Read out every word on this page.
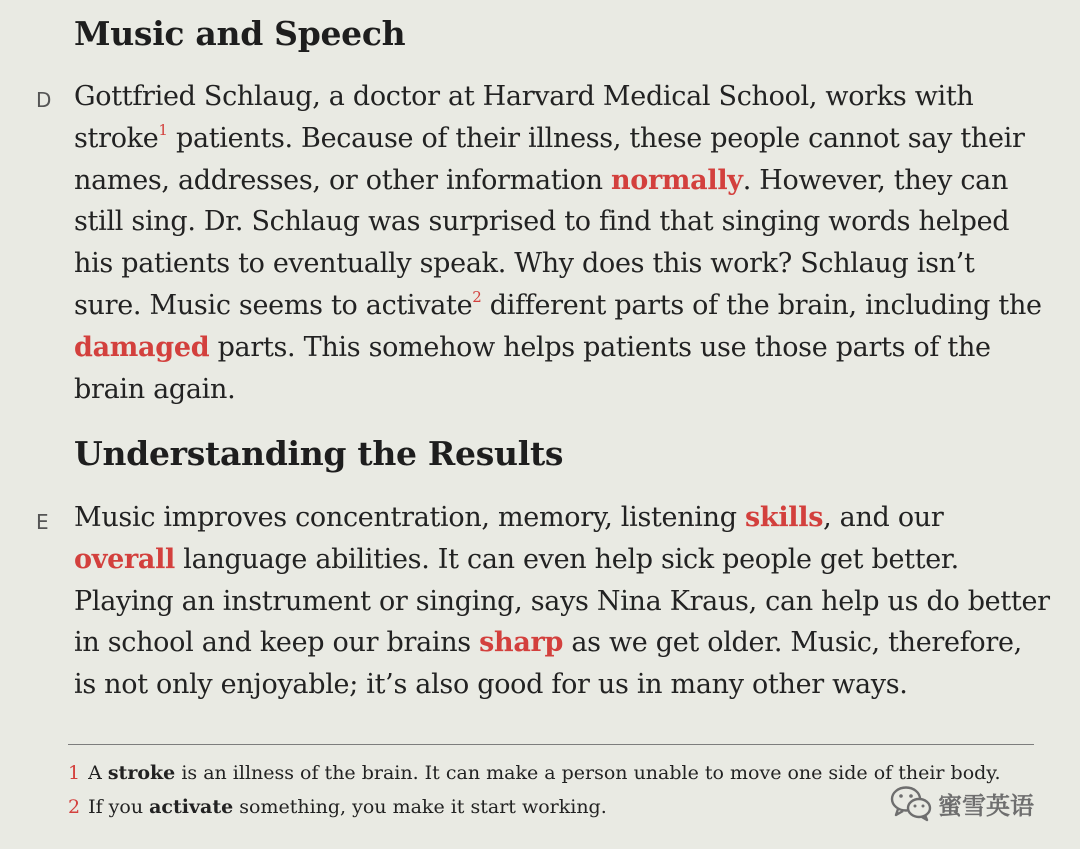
Music and Speech
D Gottfried Schlaug, a doctor at Harvard Medical School, works with
stroke$^1$ patients. Because of their illness, these people cannot say their
names, addresses, or other information normally. However, they can
still sing. Dr. Schlaug was surprised to find that singing words helped
his patients to eventually speak. Why does this work? Schlaug isn’t
sure. Music seems to activate$^2$ different parts of the brain, including the
damaged parts. This somehow helps patients use those parts of the
brain again.

Understanding the Results
E Music improves concentration, memory, listening skills, and our
overall language abilities. It can even help sick people get better.
Playing an instrument or singing, says Nina Kraus, can help us do better
in school and keep our brains sharp as we get older. Music, therefore,
is not only enjoyable; it’s also good for us in many other ways.

1 A stroke is an illness of the brain. It can make a person unable to move one side of their body.

2 If you activate something, you make it start working.	蜜雪英语
